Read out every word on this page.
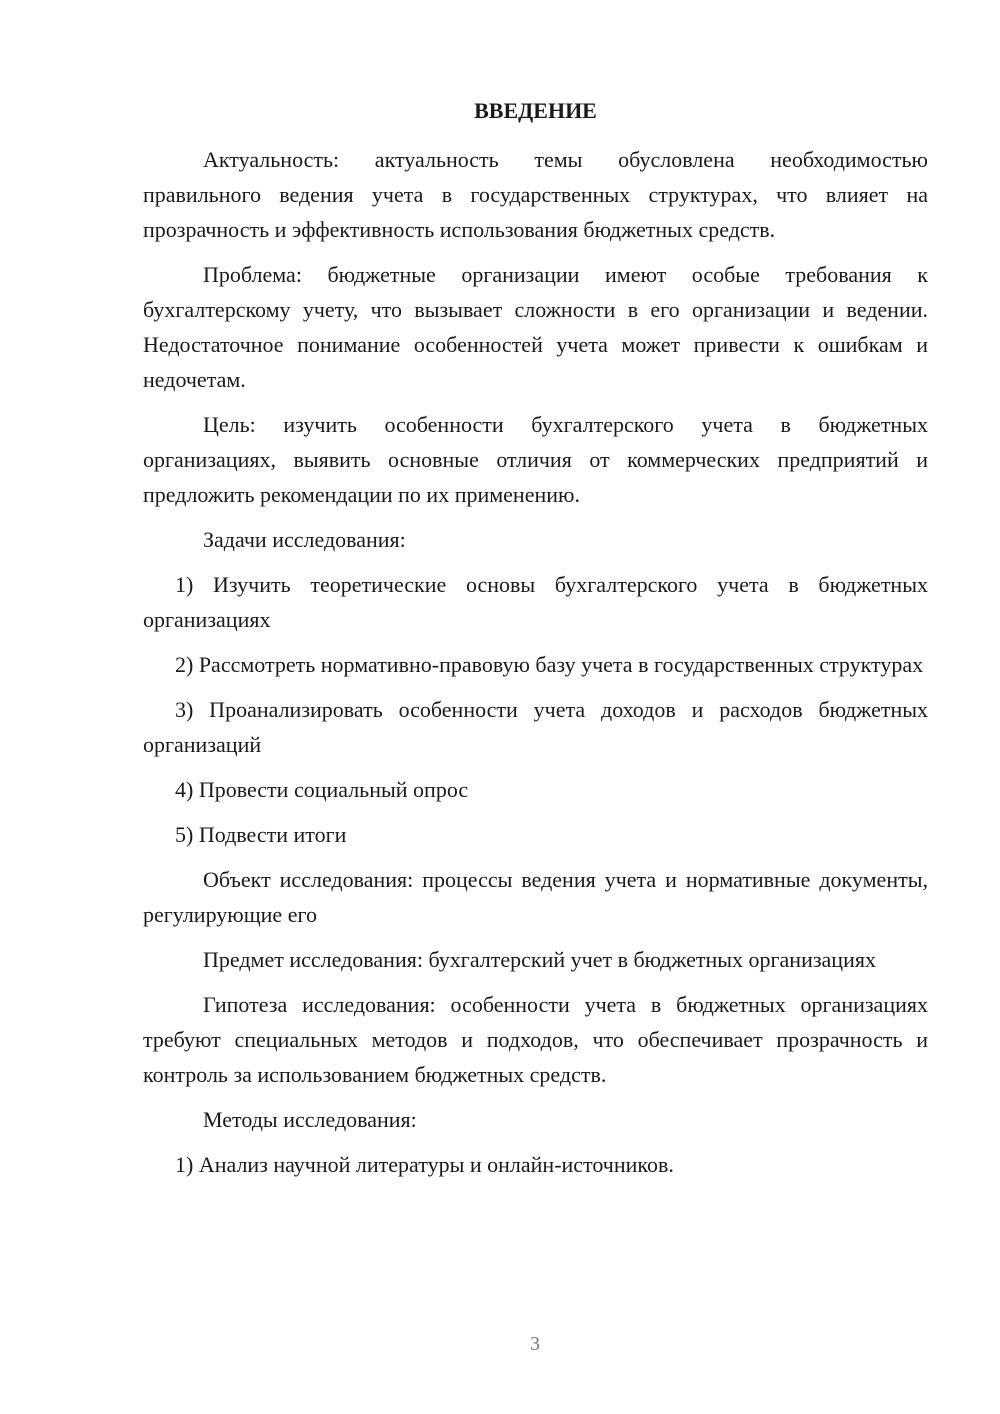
ВВЕДЕНИЕ

Актуальность: актуальность темы обусловлена необходимостью правильного ведения учета в государственных структурах, что влияет на прозрачность и эффективность использования бюджетных средств.

Проблема: бюджетные организации имеют особые требования к бухгалтерскому учету, что вызывает сложности в его организации и ведении. Недостаточное понимание особенностей учета может привести к ошибкам и недочетам.

Цель: изучить особенности бухгалтерского учета в бюджетных организациях, выявить основные отличия от коммерческих предприятий и предложить рекомендации по их применению.

Задачи исследования:

1) Изучить теоретические основы бухгалтерского учета в бюджетных организациях

2) Рассмотреть нормативно-правовую базу учета в государственных структурах

3) Проанализировать особенности учета доходов и расходов бюджетных организаций

4) Провести социальный опрос

5) Подвести итоги

Объект исследования: процессы ведения учета и нормативные документы, регулирующие его

Предмет исследования: бухгалтерский учет в бюджетных организациях

Гипотеза исследования: особенности учета в бюджетных организациях требуют специальных методов и подходов, что обеспечивает прозрачность и контроль за использованием бюджетных средств.

Методы исследования:

1) Анализ научной литературы и онлайн-источников.

3
